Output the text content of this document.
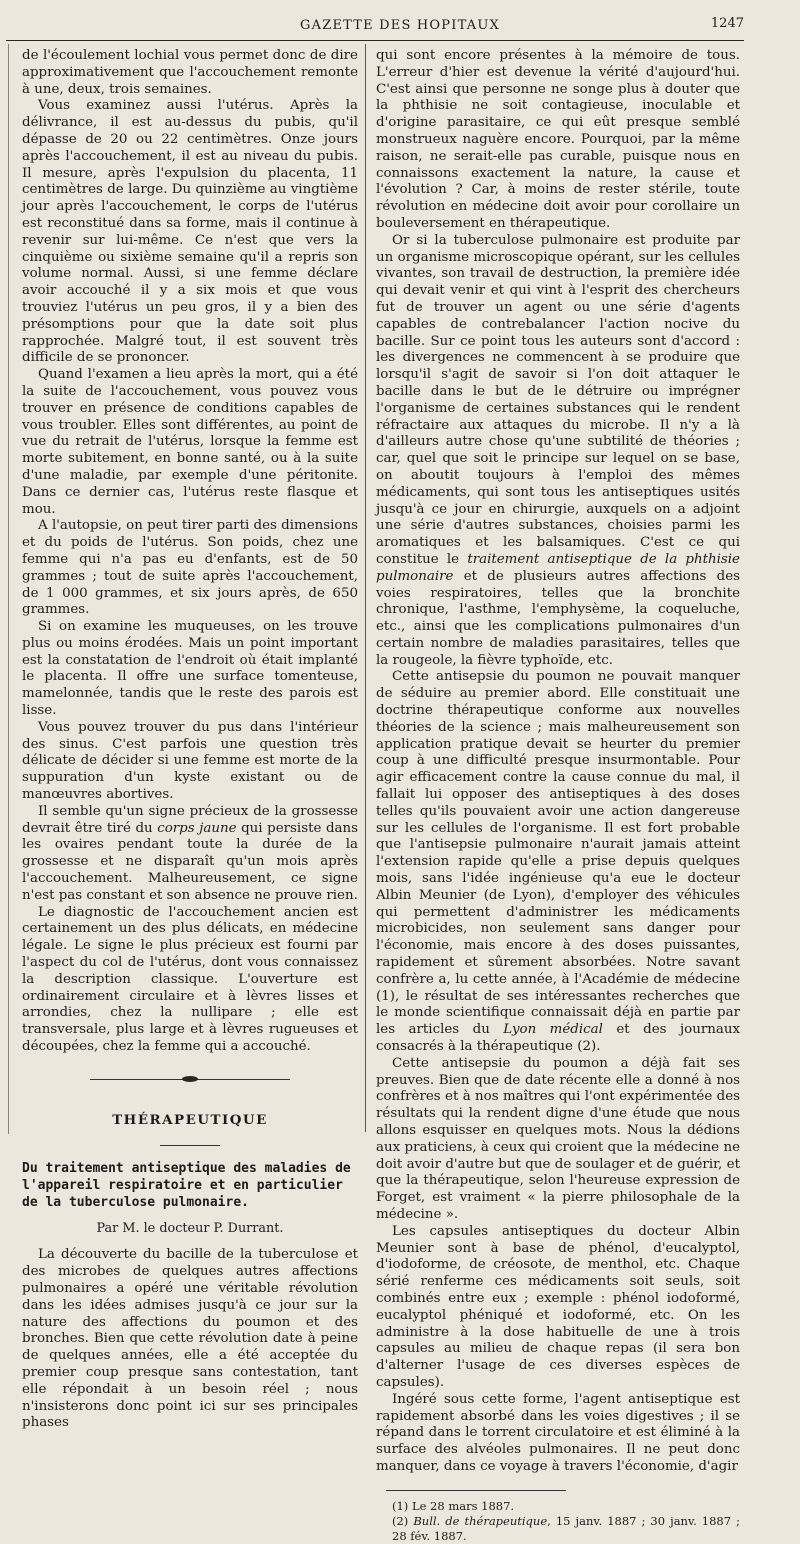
GAZETTE DES HOPITAUX	1247

de l'écoulement lochial vous permet donc de dire approximativement que l'accouchement remonte à une, deux, trois semaines.

Vous examinez aussi l'utérus. Après la délivrance, il est au-dessus du pubis, qu'il dépasse de 20 ou 22 centimètres. Onze jours après l'accouchement, il est au niveau du pubis. Il mesure, après l'expulsion du placenta, 11 centimètres de large. Du quinzième au vingtième jour après l'accouchement, le corps de l'utérus est reconstitué dans sa forme, mais il continue à revenir sur lui-même. Ce n'est que vers la cinquième ou sixième semaine qu'il a repris son volume normal. Aussi, si une femme déclare avoir accouché il y a six mois et que vous trouviez l'utérus un peu gros, il y a bien des présomptions pour que la date soit plus rapprochée. Malgré tout, il est souvent très difficile de se prononcer.

Quand l'examen a lieu après la mort, qui a été la suite de l'accouchement, vous pouvez vous trouver en présence de conditions capables de vous troubler. Elles sont différentes, au point de vue du retrait de l'utérus, lorsque la femme est morte subitement, en bonne santé, ou à la suite d'une maladie, par exemple d'une péritonite. Dans ce dernier cas, l'utérus reste flasque et mou.

A l'autopsie, on peut tirer parti des dimensions et du poids de l'utérus. Son poids, chez une femme qui n'a pas eu d'enfants, est de 50 grammes ; tout de suite après l'accouchement, de 1 000 grammes, et six jours après, de 650 grammes.

Si on examine les muqueuses, on les trouve plus ou moins érodées. Mais un point important est la constatation de l'endroit où était implanté le placenta. Il offre une surface tomenteuse, mamelonnée, tandis que le reste des parois est lisse.

Vous pouvez trouver du pus dans l'intérieur des sinus. C'est parfois une question très délicate de décider si une femme est morte de la suppuration d'un kyste existant ou de manœuvres abortives.

Il semble qu'un signe précieux de la grossesse devrait être tiré du corps jaune qui persiste dans les ovaires pendant toute la durée de la grossesse et ne disparaît qu'un mois après l'accouchement. Malheureusement, ce signe n'est pas constant et son absence ne prouve rien.

Le diagnostic de l'accouchement ancien est certainement un des plus délicats, en médecine légale. Le signe le plus précieux est fourni par l'aspect du col de l'utérus, dont vous connaissez la description classique. L'ouverture est ordinairement circulaire et à lèvres lisses et arrondies, chez la nullipare ; elle est transversale, plus large et à lèvres rugueuses et découpées, chez la femme qui a accouché.

THÉRAPEUTIQUE
Du traitement antiseptique des maladies de l'appareil respiratoire et en particulier de la tuberculose pulmonaire.
Par M. le docteur P. Durrant.

La découverte du bacille de la tuberculose et des microbes de quelques autres affections pulmonaires a opéré une véritable révolution dans les idées admises jusqu'à ce jour sur la nature des affections du poumon et des bronches. Bien que cette révolution date à peine de quelques années, elle a été acceptée du premier coup presque sans contestation, tant elle répondait à un besoin réel ; nous n'insisterons donc point ici sur ses principales phases

qui sont encore présentes à la mémoire de tous. L'erreur d'hier est devenue la vérité d'aujourd'hui. C'est ainsi que personne ne songe plus à douter que la phthisie ne soit contagieuse, inoculable et d'origine parasitaire, ce qui eût presque semblé monstrueux naguère encore. Pourquoi, par la même raison, ne serait-elle pas curable, puisque nous en connaissons exactement la nature, la cause et l'évolution ? Car, à moins de rester stérile, toute révolution en médecine doit avoir pour corollaire un bouleversement en thérapeutique.

Or si la tuberculose pulmonaire est produite par un organisme microscopique opérant, sur les cellules vivantes, son travail de destruction, la première idée qui devait venir et qui vint à l'esprit des chercheurs fut de trouver un agent ou une série d'agents capables de contrebalancer l'action nocive du bacille. Sur ce point tous les auteurs sont d'accord : les divergences ne commencent à se produire que lorsqu'il s'agit de savoir si l'on doit attaquer le bacille dans le but de le détruire ou imprégner l'organisme de certaines substances qui le rendent réfractaire aux attaques du microbe. Il n'y a là d'ailleurs autre chose qu'une subtilité de théories ; car, quel que soit le principe sur lequel on se base, on aboutit toujours à l'emploi des mêmes médicaments, qui sont tous les antiseptiques usités jusqu'à ce jour en chirurgie, auxquels on a adjoint une série d'autres substances, choisies parmi les aromatiques et les balsamiques. C'est ce qui constitue le traitement antiseptique de la phthisie pulmonaire et de plusieurs autres affections des voies respiratoires, telles que la bronchite chronique, l'asthme, l'emphysème, la coqueluche, etc., ainsi que les complications pulmonaires d'un certain nombre de maladies parasitaires, telles que la rougeole, la fièvre typhoïde, etc.

Cette antisepsie du poumon ne pouvait manquer de séduire au premier abord. Elle constituait une doctrine thérapeutique conforme aux nouvelles théories de la science ; mais malheureusement son application pratique devait se heurter du premier coup à une difficulté presque insurmontable. Pour agir efficacement contre la cause connue du mal, il fallait lui opposer des antiseptiques à des doses telles qu'ils pouvaient avoir une action dangereuse sur les cellules de l'organisme. Il est fort probable que l'antisepsie pulmonaire n'aurait jamais atteint l'extension rapide qu'elle a prise depuis quelques mois, sans l'idée ingénieuse qu'a eue le docteur Albin Meunier (de Lyon), d'employer des véhicules qui permettent d'administrer les médicaments microbicides, non seulement sans danger pour l'économie, mais encore à des doses puissantes, rapidement et sûrement absorbées. Notre savant confrère a, lu cette année, à l'Académie de médecine (1), le résultat de ses intéressantes recherches que le monde scientifique connaissait déjà en partie par les articles du Lyon médical et des journaux consacrés à la thérapeutique (2).

Cette antisepsie du poumon a déjà fait ses preuves. Bien que de date récente elle a donné à nos confrères et à nos maîtres qui l'ont expérimentée des résultats qui la rendent digne d'une étude que nous allons esquisser en quelques mots. Nous la dédions aux praticiens, à ceux qui croient que la médecine ne doit avoir d'autre but que de soulager et de guérir, et que la thérapeutique, selon l'heureuse expression de Forget, est vraiment « la pierre philosophale de la médecine ».

Les capsules antiseptiques du docteur Albin Meunier sont à base de phénol, d'eucalyptol, d'iodoforme, de créosote, de menthol, etc. Chaque sérié renferme ces médicaments soit seuls, soit combinés entre eux ; exemple : phénol iodoformé, eucalyptol phéniqué et iodoformé, etc. On les administre à la dose habituelle de une à trois capsules au milieu de chaque repas (il sera bon d'alterner l'usage de ces diverses espèces de capsules).

Ingéré sous cette forme, l'agent antiseptique est rapidement absorbé dans les voies digestives ; il se répand dans le torrent circulatoire et est éliminé à la surface des alvéoles pulmonaires. Il ne peut donc manquer, dans ce voyage à travers l'économie, d'agir

(1) Le 28 mars 1887.
(2) Bull. de thérapeutique, 15 janv. 1887 ; 30 janv. 1887 ; 28 fév. 1887.
